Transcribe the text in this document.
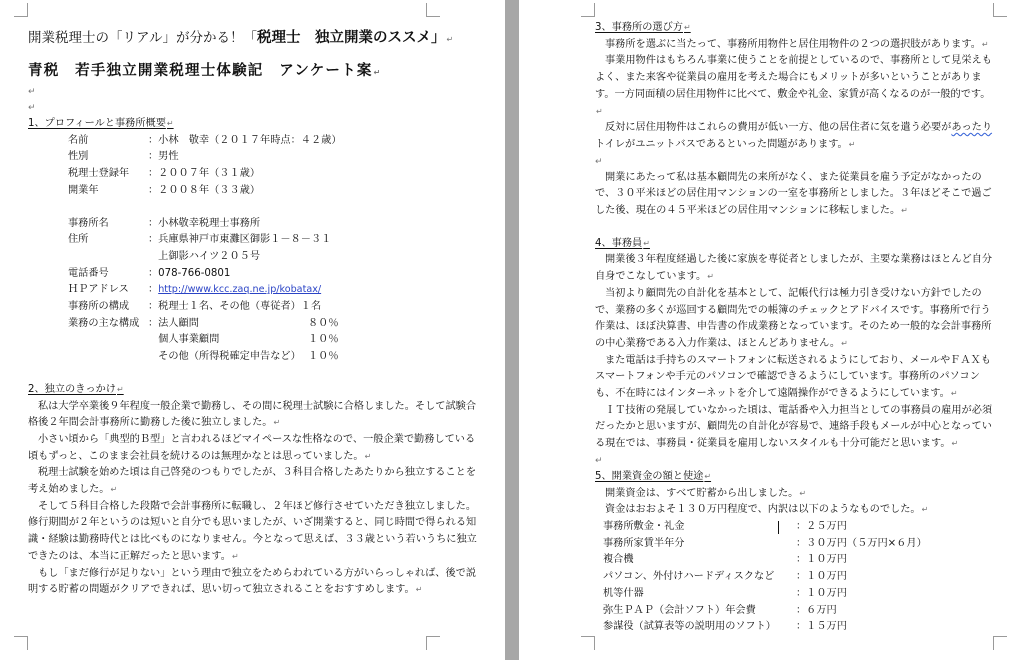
開業税理士の「リアル」が分かる！「税理士　独立開業のススメ」↵
青税　若手独立開業税理士体験記　アンケート案↵
↵
↵
1、プロフィールと事務所概要↵
名前	：小林　敬幸（２０１７年時点：４２歳）
性別	：男性
税理士登録年	：２００７年（３１歳）
開業年	：２００８年（３３歳）
事務所名	：小林敬幸税理士事務所
住所	：兵庫県神戸市東灘区御影１－８－３１
　上御影ハイツ２０５号
電話番号	：078-766-0801
ＨＰアドレス	：http://www.kcc.zaq.ne.jp/kobatax/
事務所の構成	：税理士１名、その他（専従者）１名
業務の主な構成 ：法人顧問	８０％
　個人事業顧問	１０％
　その他（所得税確定申告など） １０％
2、独立のきっかけ↵

私は大学卒業後９年程度一般企業で勤務し、その間に税理士試験に合格しました。そして試験合格後２年間会計事務所に勤務した後に独立しました。↵

小さい頃から「典型的Ｂ型」と言われるほどマイペースな性格なので、一般企業で勤務している頃もずっと、このまま会社員を続けるのは無理かなとは思っていました。↵

税理士試験を始めた頃は自己啓発のつもりでしたが、３科目合格したあたりから独立することを考え始めました。↵

そして５科目合格した段階で会計事務所に転職し、２年ほど修行させていただき独立しました。修行期間が２年というのは短いと自分でも思いましたが、いざ開業すると、同じ時間で得られる知識・経験は勤務時代とは比べものになりません。今となって思えば、３３歳という若いうちに独立できたのは、本当に正解だったと思います。↵

もし「まだ修行が足りない」という理由で独立をためらわれている方がいらっしゃれば、後で説明する貯蓄の問題がクリアできれば、思い切って独立されることをおすすめします。↵

3、事務所の選び方↵

事務所を選ぶに当たって、事務所用物件と居住用物件の２つの選択肢があります。↵

事業用物件はもちろん事業に使うことを前提としているので、事務所として見栄えもよく、また来客や従業員の雇用を考えた場合にもメリットが多いということがあります。一方同面積の居住用物件に比べて、敷金や礼金、家賃が高くなるのが一般的です。↵

反対に居住用物件はこれらの費用が低い一方、他の居住者に気を遣う必要があったりトイレがユニットバスであるといった問題があります。↵

↵

開業にあたって私は基本顧問先の来所がなく、また従業員を雇う予定がなかったので、３０平米ほどの居住用マンションの一室を事務所としました。３年ほどそこで過ごした後、現在の４５平米ほどの居住用マンションに移転しました。↵

4、事務員↵

開業後３年程度経過した後に家族を専従者としましたが、主要な業務はほとんど自分自身でこなしています。↵

当初より顧問先の自計化を基本として、記帳代行は極力引き受けない方針でしたので、業務の多くが巡回する顧問先での帳簿のチェックとアドバイスです。事務所で行う作業は、ほぼ決算書、申告書の作成業務となっています。そのため一般的な会計事務所の中心業務である入力作業は、ほとんどありません。↵

また電話は手持ちのスマートフォンに転送されるようにしており、メールやＦＡＸもスマートフォンや手元のパソコンで確認できるようにしています。事務所のパソコンも、不在時にはインターネットを介して遠隔操作ができるようにしています。↵

ＩＴ技術の発展していなかった頃は、電話番や入力担当としての事務員の雇用が必須だったかと思いますが、顧問先の自計化が容易で、連絡手段もメールが中心となっている現在では、事務員・従業員を雇用しないスタイルも十分可能だと思います。↵

↵
5、開業資金の額と使途↵

開業資金は、すべて貯蓄から出しました。↵

資金はおおよそ１３０万円程度で、内訳は以下のようなものでした。↵

事務所敷金・礼金	：２５万円
事務所家賃半年分	：３０万円（５万円×６月）
複合機	：１０万円
パソコン、外付けハードディスクなど ：１０万円
机等什器	：１０万円
弥生ＰＡＰ（会計ソフト）年会費	：６万円
参謀役（試算表等の説明用のソフト） ：１５万円
